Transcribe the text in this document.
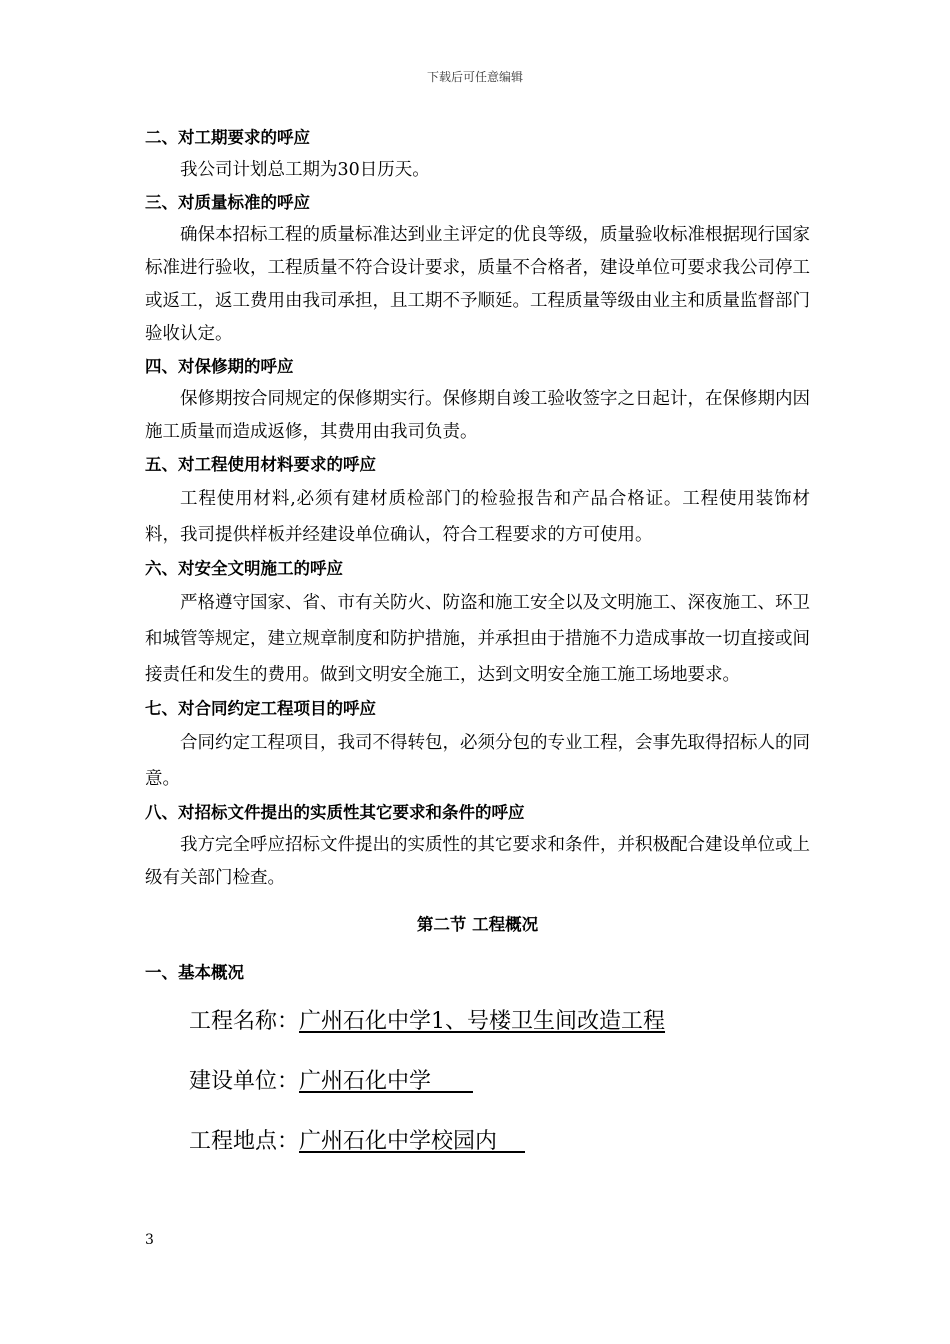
下载后可任意编辑
二、对工期要求的呼应

我公司计划总工期为30日历天。

三、对质量标准的呼应

确保本招标工程的质量标准达到业主评定的优良等级，质量验收标准根据现行国家标准进行验收，工程质量不符合设计要求，质量不合格者，建设单位可要求我公司停工或返工，返工费用由我司承担，且工期不予顺延。工程质量等级由业主和质量监督部门验收认定。

四、对保修期的呼应

保修期按合同规定的保修期实行。保修期自竣工验收签字之日起计，在保修期内因施工质量而造成返修，其费用由我司负责。

五、对工程使用材料要求的呼应

工程使用材料,必须有建材质检部门的检验报告和产品合格证。工程使用装饰材料，我司提供样板并经建设单位确认，符合工程要求的方可使用。

六、对安全文明施工的呼应

严格遵守国家、省、市有关防火、防盗和施工安全以及文明施工、深夜施工、环卫和城管等规定，建立规章制度和防护措施，并承担由于措施不力造成事故一切直接或间接责任和发生的费用。做到文明安全施工，达到文明安全施工施工场地要求。

七、对合同约定工程项目的呼应

合同约定工程项目，我司不得转包，必须分包的专业工程，会事先取得招标人的同意。

八、对招标文件提出的实质性其它要求和条件的呼应

我方完全呼应招标文件提出的实质性的其它要求和条件，并积极配合建设单位或上级有关部门检查。

第二节 工程概况
一、基本概况
工程名称：广州石化中学1、号楼卫生间改造工程
建设单位：广州石化中学
工程地点：广州石化中学校园内
3
